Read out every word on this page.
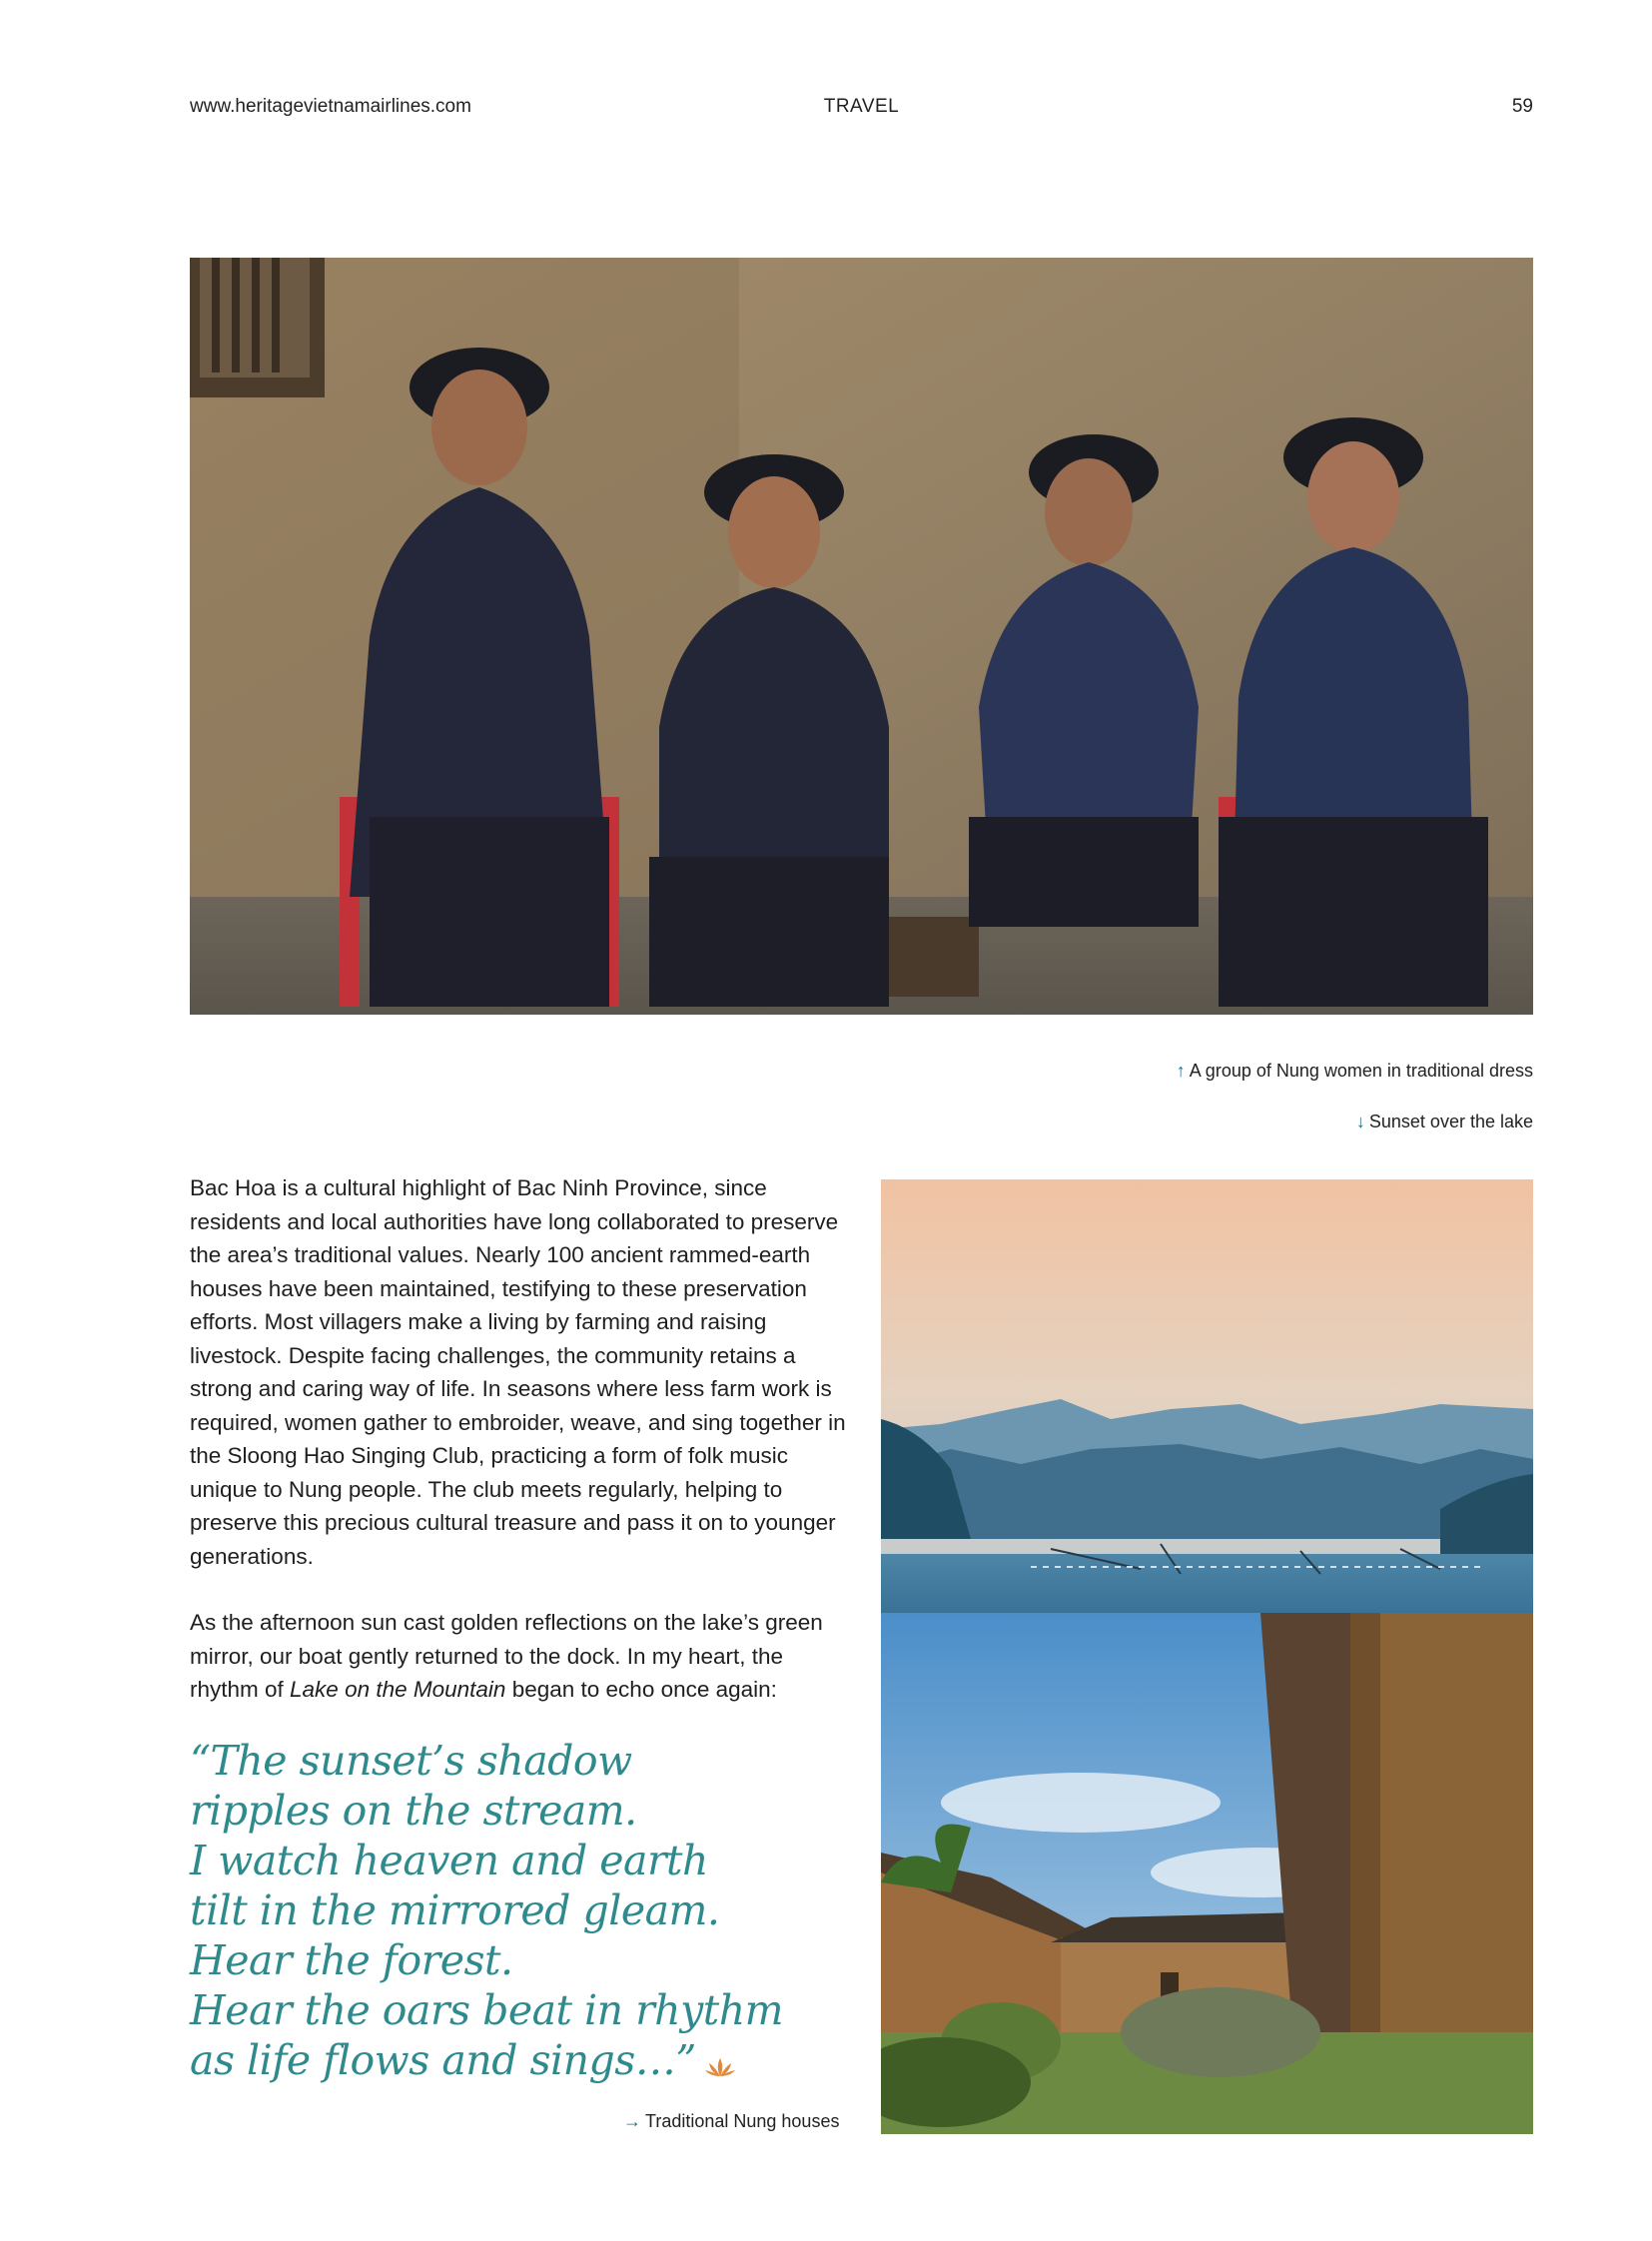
www.heritagevietnamairlines.com	TRAVEL	59
↑ A group of Nung women in traditional dress
↓ Sunset over the lake

Bac Hoa is a cultural highlight of Bac Ninh Province, since residents and local authorities have long collaborated to preserve the area’s traditional values. Nearly 100 ancient rammed-earth houses have been maintained, testifying to these preservation efforts. Most villagers make a living by farming and raising livestock. Despite facing challenges, the community retains a strong and caring way of life. In seasons where less farm work is required, women gather to embroider, weave, and sing together in the Sloong Hao Singing Club, practicing a form of folk music unique to Nung people. The club meets regularly, helping to preserve this precious cultural treasure and pass it on to younger generations.

As the afternoon sun cast golden reflections on the lake’s green mirror, our boat gently returned to the dock. In my heart, the rhythm of Lake on the Mountain began to echo once again:

“The sunset’s shadow
ripples on the stream.
I watch heaven and earth
tilt in the mirrored gleam.
Hear the forest.
Hear the oars beat in rhythm
as life flows and sings…”
→ Traditional Nung houses
